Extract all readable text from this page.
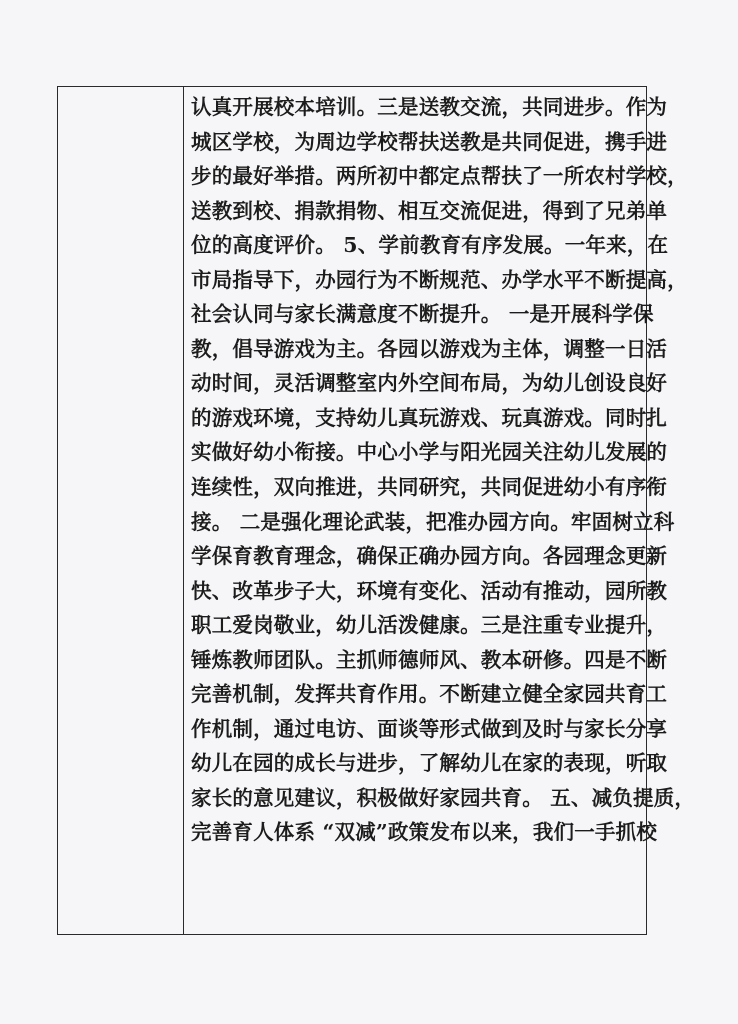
认真开展校本培训。三是送教交流，共同进步。作为
城区学校，为周边学校帮扶送教是共同促进，携手进
步的最好举措。两所初中都定点帮扶了一所农村学校，
送教到校、捐款捐物、相互交流促进，得到了兄弟单
位的高度评价。 5、学前教育有序发展。一年来，在
市局指导下，办园行为不断规范、办学水平不断提高，
社会认同与家长满意度不断提升。 一是开展科学保
教，倡导游戏为主。各园以游戏为主体，调整一日活
动时间，灵活调整室内外空间布局，为幼儿创设良好
的游戏环境，支持幼儿真玩游戏、玩真游戏。同时扎
实做好幼小衔接。中心小学与阳光园关注幼儿发展的
连续性，双向推进，共同研究，共同促进幼小有序衔
接。 二是强化理论武装，把准办园方向。牢固树立科
学保育教育理念，确保正确办园方向。各园理念更新
快、改革步子大，环境有变化、活动有推动，园所教
职工爱岗敬业，幼儿活泼健康。三是注重专业提升，
锤炼教师团队。主抓师德师风、教本研修。四是不断
完善机制，发挥共育作用。不断建立健全家园共育工
作机制，通过电访、面谈等形式做到及时与家长分享
幼儿在园的成长与进步，了解幼儿在家的表现，听取
家长的意见建议，积极做好家园共育。 五、减负提质，
完善育人体系 “双减”政策发布以来，我们一手抓校
